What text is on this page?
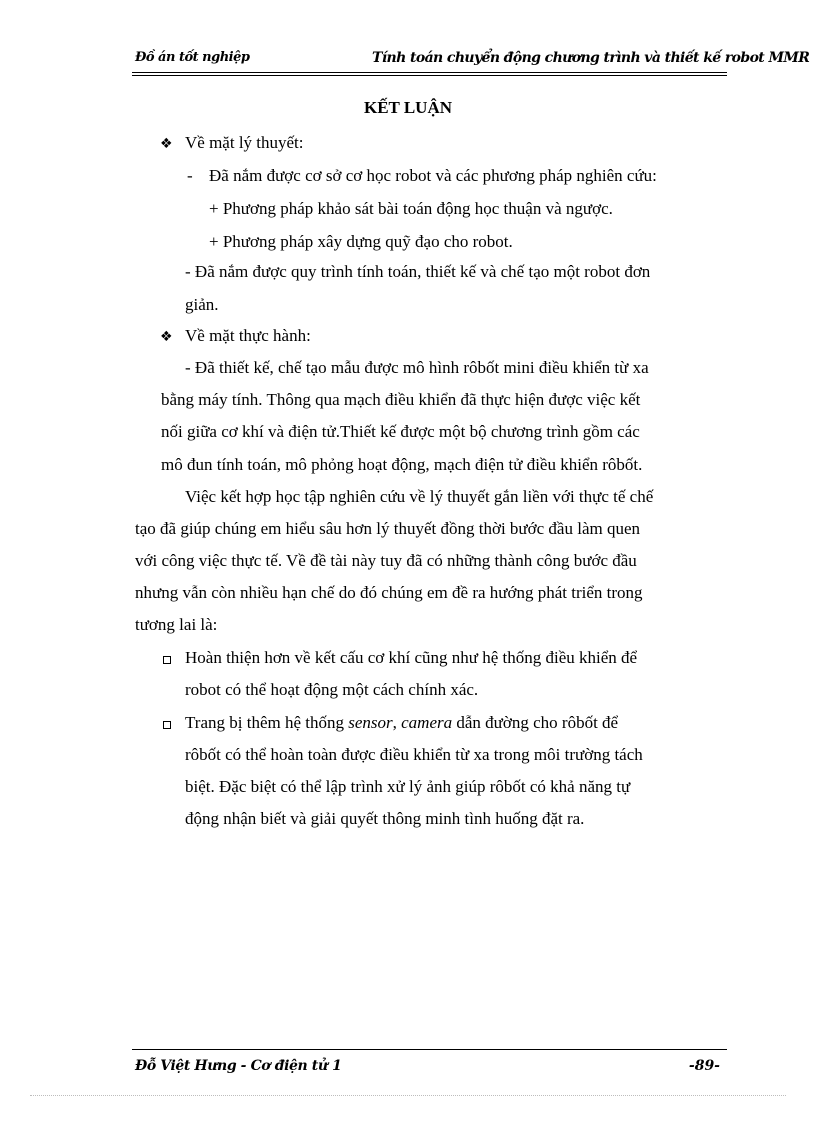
Đồ án tốt nghiệp	Tính toán chuyển động chương trình và thiết kế robot MMR
KẾT LUẬN
❖ Về mặt lý thuyết:
- Đã nắm được cơ sở cơ học robot và các phương pháp nghiên cứu:
+ Phương pháp khảo sát bài toán động học thuận và ngược.
+ Phương pháp xây dựng quỹ đạo cho robot.
- Đã nắm được quy trình tính toán, thiết kế và chế tạo một robot đơn
giản.
❖ Về mặt thực hành:
- Đã thiết kế, chế tạo mẫu được mô hình rôbốt mini điều khiển từ xa
bằng máy tính. Thông qua mạch điều khiển đã thực hiện được việc kết
nối giữa cơ khí và điện tử.Thiết kế được một bộ chương trình gồm các
mô đun tính toán, mô phỏng hoạt động, mạch điện tử điều khiển rôbốt.
Việc kết hợp học tập nghiên cứu về lý thuyết gắn liền với thực tế chế
tạo đã giúp chúng em hiểu sâu hơn lý thuyết đồng thời bước đầu làm quen
với công việc thực tế. Về đề tài này tuy đã có những thành công bước đầu
nhưng vẫn còn nhiều hạn chế do đó chúng em đề ra hướng phát triển trong
tương lai là:
Hoàn thiện hơn về kết cấu cơ khí cũng như hệ thống điều khiển để
robot có thể hoạt động một cách chính xác.
Trang bị thêm hệ thống sensor, camera dẫn đường cho rôbốt để
rôbốt có thể hoàn toàn được điều khiển từ xa trong môi trường tách
biệt. Đặc biệt có thể lập trình xử lý ảnh giúp rôbốt có khả năng tự
động nhận biết và giải quyết thông minh tình huống đặt ra.
Đỗ Việt Hưng - Cơ điện tử 1	-89-
